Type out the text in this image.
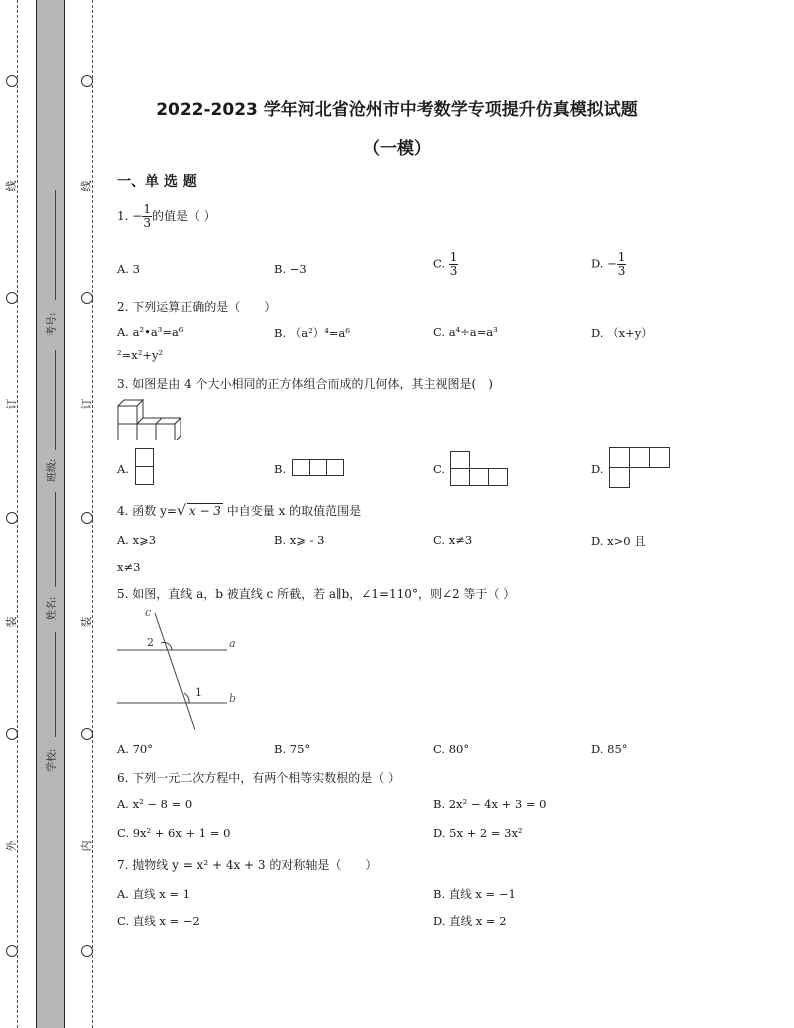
线
订
装
外
线
订
装
内
考号:
班级:
姓名:
学校:
2022-2023 学年河北省沧州市中考数学专项提升仿真模拟试题
（一模）
一、单 选 题
1. − $\frac{1}{3}$ 的值是（ ）
A. 3	B. −3	C. $\frac{1}{3}$	D. − $\frac{1}{3}$
2. 下列运算正确的是（　　）
A. a²•a³=a⁶	B. （a²）⁴=a⁶	C. a⁴÷a=a³	D. （x+y）
²=x²+y²
3. 如图是由 4 个大小相同的正方体组合而成的几何体，其主视图是(　)
A.	B.	C.	D.
4. 函数 y=√ x − 3 中自变量 x 的取值范围是
A. x⩾3	B. x⩾ - 3	C. x≠3	D. x>0 且
x≠3
5. 如图，直线 a，b 被直线 c 所截，若 a∥b，∠1=110°，则∠2 等于（ ）
c
a
b
2
1
A. 70°	B. 75°	C. 80°	D. 85°
6. 下列一元二次方程中，有两个相等实数根的是（ ）
A. x² − 8 = 0	B. 2x² − 4x + 3 = 0
C. 9x² + 6x + 1 = 0	D. 5x + 2 = 3x²
7. 抛物线 y = x² + 4x + 3 的对称轴是（　　）
A. 直线 x = 1	B. 直线 x = −1
C. 直线 x = −2	D. 直线 x = 2
